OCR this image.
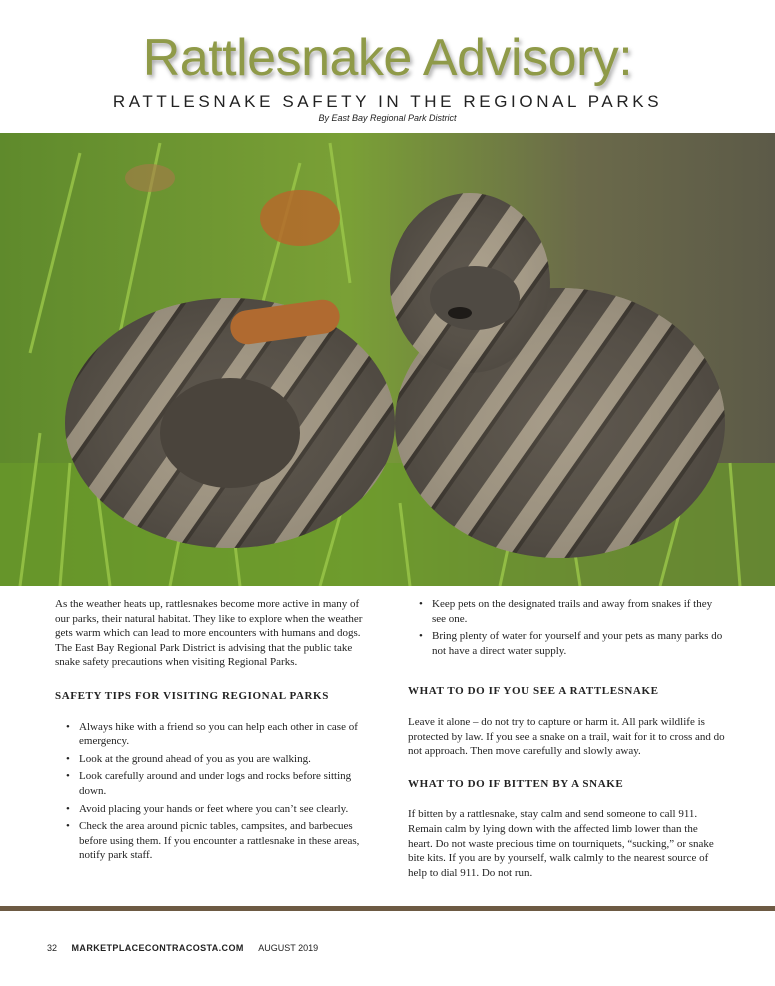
Rattlesnake Advisory:
RATTLESNAKE SAFETY IN THE REGIONAL PARKS
By East Bay Regional Park District

As the weather heats up, rattlesnakes become more active in many of our parks, their natural habitat. They like to explore when the weather gets warm which can lead to more encounters with humans and dogs. The East Bay Regional Park District is advising that the public take snake safety precautions when visiting Regional Parks.

SAFETY TIPS FOR VISITING REGIONAL PARKS

• Always hike with a friend so you can help each other in case of emergency.
• Look at the ground ahead of you as you are walking.
• Look carefully around and under logs and rocks before sitting down.
• Avoid placing your hands or feet where you can’t see clearly.
• Check the area around picnic tables, campsites, and barbecues before using them. If you encounter a rattlesnake in these areas, notify park staff.
• Keep pets on the designated trails and away from snakes if they see one.
• Bring plenty of water for yourself and your pets as many parks do not have a direct water supply.

WHAT TO DO IF YOU SEE A RATTLESNAKE

Leave it alone – do not try to capture or harm it. All park wildlife is protected by law. If you see a snake on a trail, wait for it to cross and do not approach. Then move carefully and slowly away.

WHAT TO DO IF BITTEN BY A SNAKE

If bitten by a rattlesnake, stay calm and send someone to call 911. Remain calm by lying down with the affected limb lower than the heart. Do not waste precious time on tourniquets, “sucking,” or snake bite kits. If you are by yourself, walk calmly to the nearest source of help to dial 911. Do not run.

32 MARKETPLACECONTRACOSTA.COM AUGUST 2019
